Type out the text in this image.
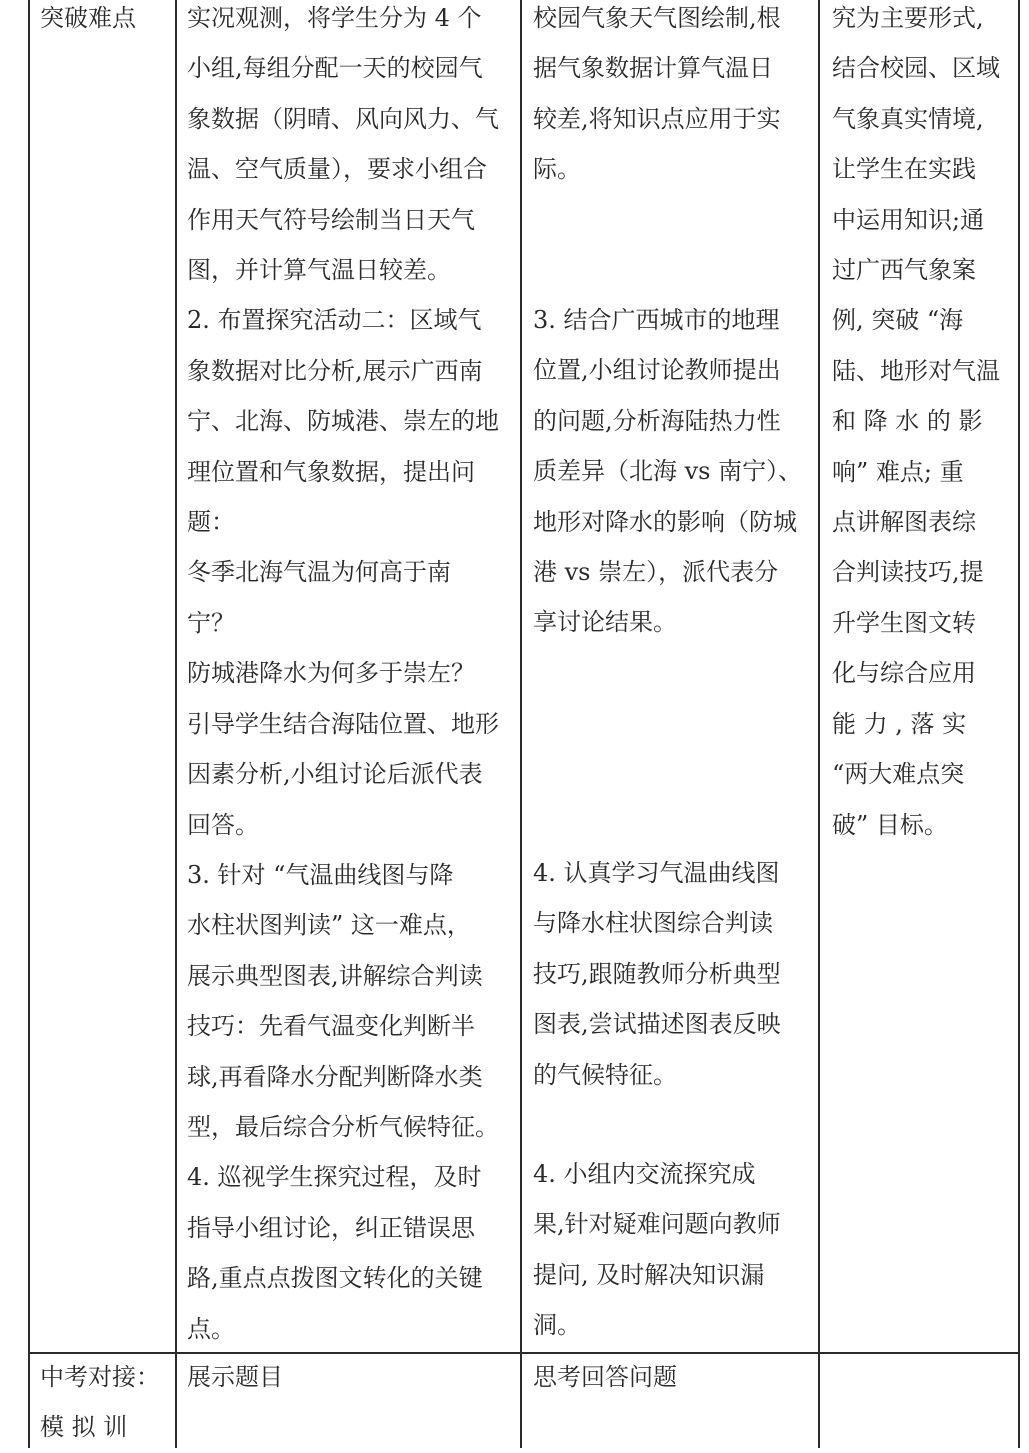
突破难点	实况观测，将学生分为 4 个
小组,每组分配一天的校园气
象数据（阴晴、风向风力、气
温、空气质量），要求小组合
作用天气符号绘制当日天气
图，并计算气温日较差。
2. 布置探究活动二：区域气
象数据对比分析,展示广西南
宁、北海、防城港、崇左的地
理位置和气象数据，提出问
题：
冬季北海气温为何高于南
宁？
防城港降水为何多于崇左？
引导学生结合海陆位置、地形
因素分析,小组讨论后派代表
回答。
3. 针对 “气温曲线图与降
水柱状图判读” 这一难点，
展示典型图表,讲解综合判读
技巧：先看气温变化判断半
球,再看降水分配判断降水类
型，最后综合分析气候特征。
4. 巡视学生探究过程，及时
指导小组讨论，纠正错误思
路,重点点拨图文转化的关键
点。
校园气象天气图绘制,根
据气象数据计算气温日
较差,将知识点应用于实
际。
3. 结合广西城市的地理
位置,小组讨论教师提出
的问题,分析海陆热力性
质差异（北海 vs 南宁）、
地形对降水的影响（防城
港 vs 崇左），派代表分
享讨论结果。
4. 认真学习气温曲线图
与降水柱状图综合判读
技巧,跟随教师分析典型
图表,尝试描述图表反映
的气候特征。
4. 小组内交流探究成
果,针对疑难问题向教师
提问, 及时解决知识漏
洞。
究为主要形式,
结合校园、区域
气象真实情境,
让学生在实践
中运用知识;通
过广西气象案
例, 突破 “海
陆、地形对气温
和 降 水 的 影
响” 难点; 重
点讲解图表综
合判读技巧,提
升学生图文转
化与综合应用
能 力 , 落 实
“两大难点突
破” 目标。
中考对接：
模 拟 训
展示题目	思考回答问题
